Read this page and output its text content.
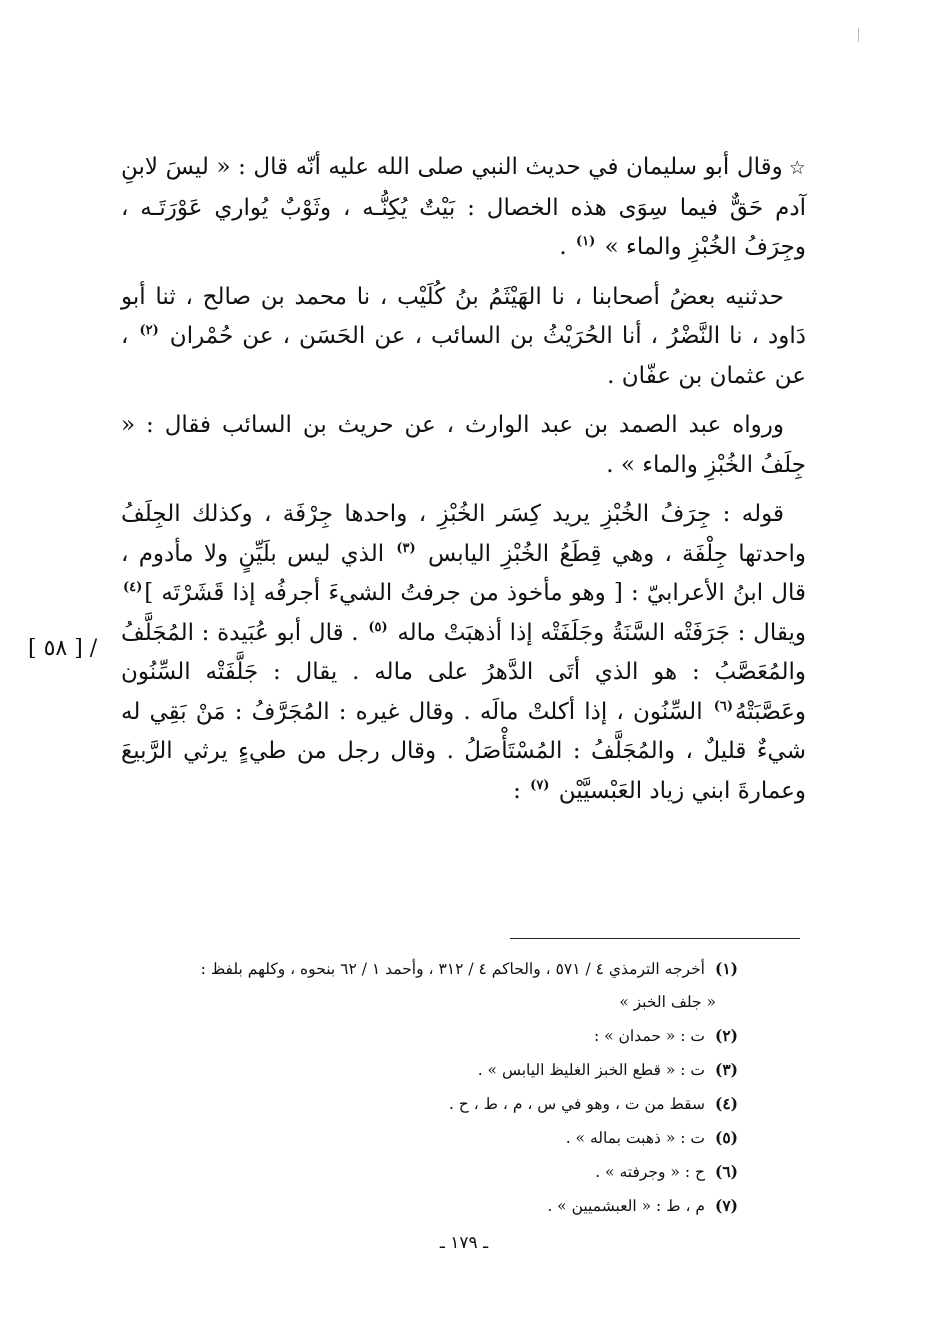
☆وقال أبو سليمان في حديث النبي صلى الله عليه أنّه قال : « ليسَ لابنِ آدم حَقٌّ فيما سِوَى هذه الخصال : بَيْتٌ يُكِنُّـه ، وثَوْبٌ يُواري عَوْرَتَـه ، وجِرَفُ الخُبْزِ والماء » $^{(١)}$ .

حدثنيه بعضُ أصحابنا ، نا الهَيْثَمُ بنُ كُلَيْب ، نا محمد بن صالح ، ثنا أبو دَاود ، نا النَّضْرُ ، أنا الحُرَيْثُ بن السائب ، عن الحَسَن ، عن حُمْران $^{(٢)}$ ، عن عثمان بن عفّان .

ورواه عبد الصمد بن عبد الوارث ، عن حريث بن السائب فقال : « جِلَفُ الخُبْزِ والماء » .

قوله : جِرَفُ الخُبْزِ يريد كِسَر الخُبْزِ ، واحدها جِرْفَة ، وكذلك الجِلَفُ واحدتها جِلْفَة ، وهي قِطَعُ الخُبْزِ اليابس $^{(٣)}$ الذي ليس بلَيِّنٍ ولا مأدوم ، قال ابنُ الأعرابيّ : [ وهو مأخوذ من جرفتُ الشيءَ أجرفُه إذا قَشَرْتَه ]$^{(٤)}$ ويقال : جَرَفَتْه السَّنَةُ وجَلَفَتْه إذا أذهبَتْ ماله $^{(٥)}$ . قال أبو عُبَيدة : المُجَلَّفُ والمُعَصَّبُ : هو الذي أتَى الدَّهرُ على ماله . يقال : جَلَّفَتْه السِّنُون وعَصَّبَتْهُ$^{(٦)}$ السِّنُون ، إذا أكلتْ مالَه . وقال غيره : المُجَرَّفُ : مَنْ بَقِي له شيءٌ قليلٌ ، والمُجَلَّفُ : المُسْتَأْصَلُ . وقال رجل من طيءٍ يرثي الرَّبيعَ وعمارةَ ابني زياد العَبْسيَّيْن $^{(٧)}$ :

/ [ ٥٨ ]

(١)أخرجه الترمذي ٤ / ٥٧١ ، والحاكم ٤ / ٣١٢ ، وأحمد ١ / ٦٢ بنحوه ، وكلهم بلفظ :

« جلف الخبز »

(٢)ت : « حمدان » :

(٣)ت : « قطع الخبز الغليظ اليابس » .

(٤)سقط من ت ، وهو في س ، م ، ط ، ح .

(٥)ت : « ذهبت بماله » .

(٦)ح : « وجرفته » .

(٧)م ، ط : « العبشميين » .

ـ ١٧٩ ـ
